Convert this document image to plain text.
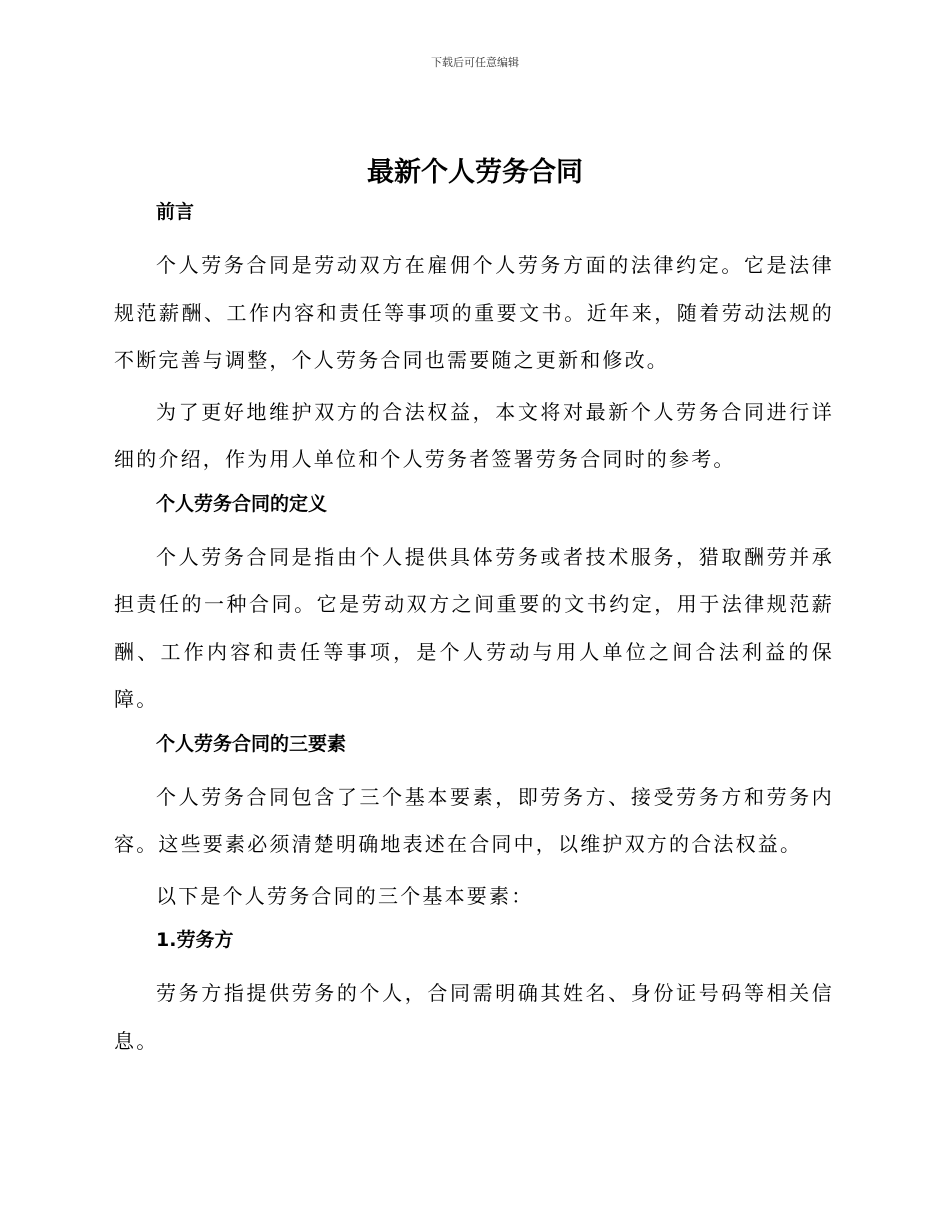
下载后可任意编辑
最新个人劳务合同
前言

个人劳务合同是劳动双方在雇佣个人劳务方面的法律约定。它是法律规范薪酬、工作内容和责任等事项的重要文书。近年来，随着劳动法规的不断完善与调整，个人劳务合同也需要随之更新和修改。

为了更好地维护双方的合法权益，本文将对最新个人劳务合同进行详细的介绍，作为用人单位和个人劳务者签署劳务合同时的参考。

个人劳务合同的定义

个人劳务合同是指由个人提供具体劳务或者技术服务，猎取酬劳并承担责任的一种合同。它是劳动双方之间重要的文书约定，用于法律规范薪酬、工作内容和责任等事项，是个人劳动与用人单位之间合法利益的保障。

个人劳务合同的三要素

个人劳务合同包含了三个基本要素，即劳务方、接受劳务方和劳务内容。这些要素必须清楚明确地表述在合同中，以维护双方的合法权益。

以下是个人劳务合同的三个基本要素：

1.劳务方

劳务方指提供劳务的个人，合同需明确其姓名、身份证号码等相关信息。
